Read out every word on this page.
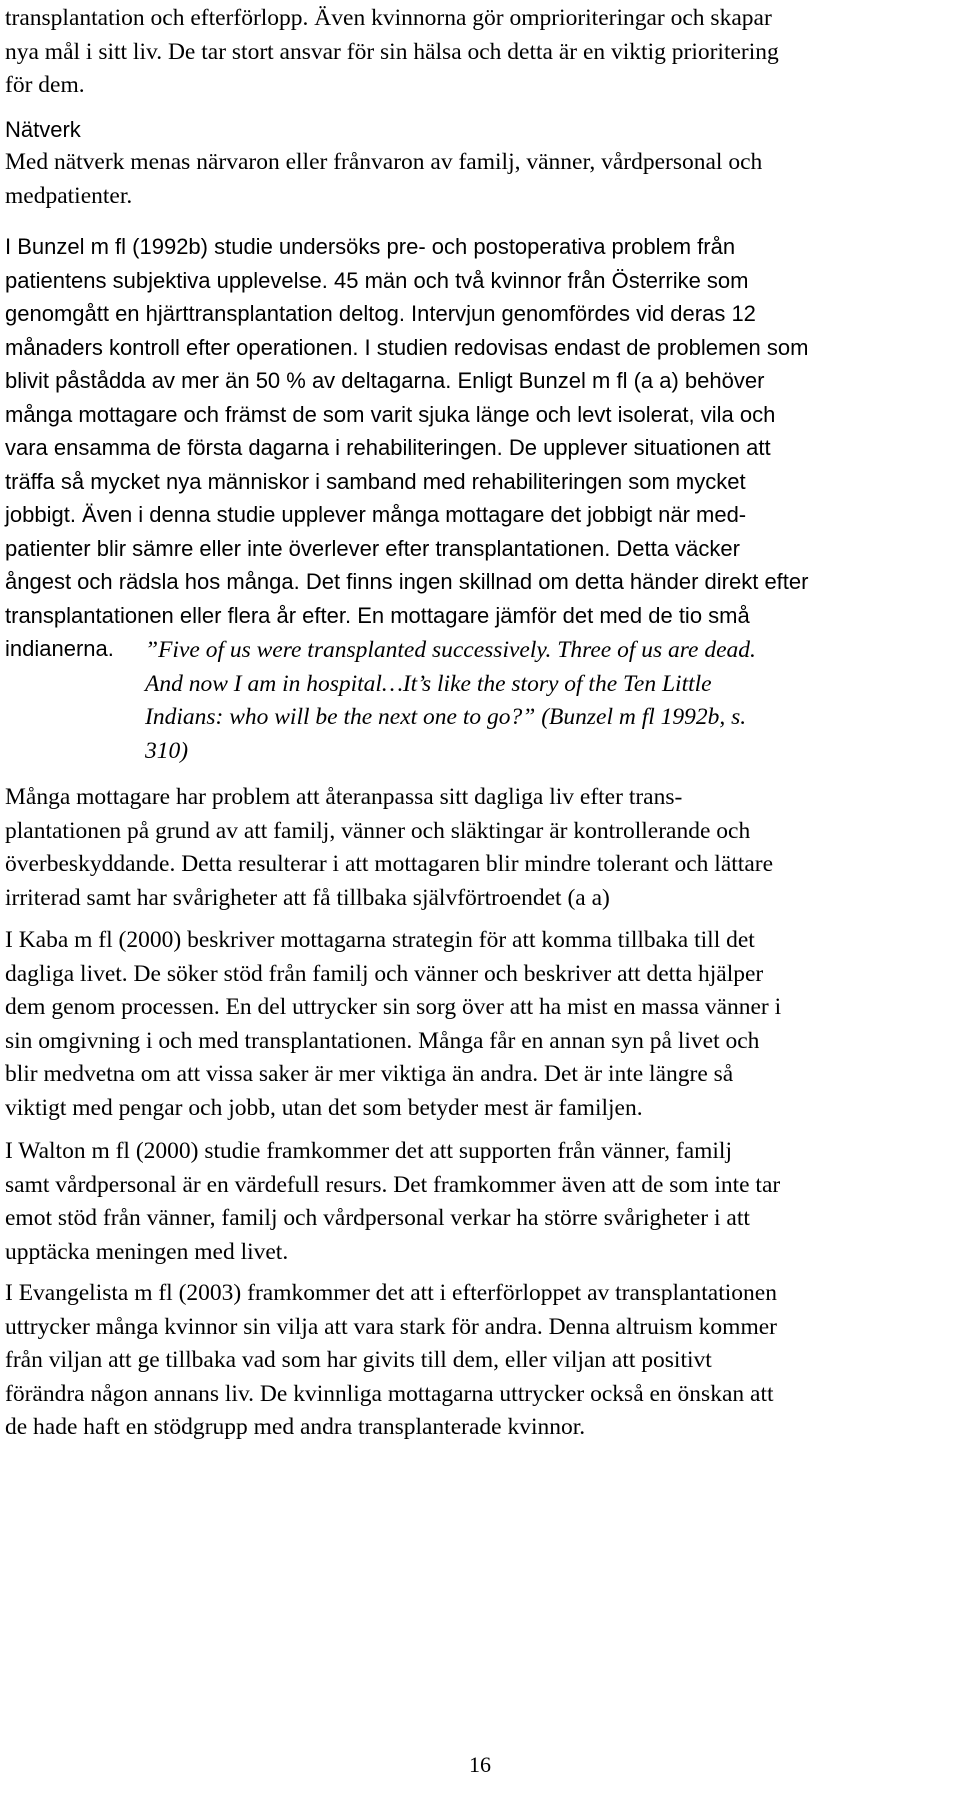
transplantation och efterförlopp. Även kvinnorna gör omprioriteringar och skapar
nya mål i sitt liv. De tar stort ansvar för sin hälsa och detta är en viktig prioritering
för dem.

Nätverk

Med nätverk menas närvaron eller frånvaron av familj, vänner, vårdpersonal och
medpatienter.

I Bunzel m fl (1992b) studie undersöks pre- och postoperativa problem från
patientens subjektiva upplevelse. 45 män och två kvinnor från Österrike som
genomgått en hjärttransplantation deltog. Intervjun genomfördes vid deras 12
månaders kontroll efter operationen. I studien redovisas endast de problemen som
blivit påstådda av mer än 50 % av deltagarna. Enligt Bunzel m fl (a a) behöver
många mottagare och främst de som varit sjuka länge och levt isolerat, vila och
vara ensamma de första dagarna i rehabiliteringen. De upplever situationen att
träffa så mycket nya människor i samband med rehabiliteringen som mycket
jobbigt. Även i denna studie upplever många mottagare det jobbigt när med-
patienter blir sämre eller inte överlever efter transplantationen. Detta väcker
ångest och rädsla hos många. Det finns ingen skillnad om detta händer direkt efter
transplantationen eller flera år efter. En mottagare jämför det med de tio små
indianerna.	”Five of us were transplanted successively. Three of us are dead.
And now I am in hospital…It’s like the story of the Ten Little
Indians: who will be the next one to go?” (Bunzel m fl 1992b, s.
310)

Många mottagare har problem att återanpassa sitt dagliga liv efter trans-
plantationen på grund av att familj, vänner och släktingar är kontrollerande och
överbeskyddande. Detta resulterar i att mottagaren blir mindre tolerant och lättare
irriterad samt har svårigheter att få tillbaka självförtroendet (a a)

I Kaba m fl (2000) beskriver mottagarna strategin för att komma tillbaka till det
dagliga livet. De söker stöd från familj och vänner och beskriver att detta hjälper
dem genom processen. En del uttrycker sin sorg över att ha mist en massa vänner i
sin omgivning i och med transplantationen. Många får en annan syn på livet och
blir medvetna om att vissa saker är mer viktiga än andra. Det är inte längre så
viktigt med pengar och jobb, utan det som betyder mest är familjen.

I Walton m fl (2000) studie framkommer det att supporten från vänner, familj
samt vårdpersonal är en värdefull resurs. Det framkommer även att de som inte tar
emot stöd från vänner, familj och vårdpersonal verkar ha större svårigheter i att
upptäcka meningen med livet.

I Evangelista m fl (2003) framkommer det att i efterförloppet av transplantationen
uttrycker många kvinnor sin vilja att vara stark för andra. Denna altruism kommer
från viljan att ge tillbaka vad som har givits till dem, eller viljan att positivt
förändra någon annans liv. De kvinnliga mottagarna uttrycker också en önskan att
de hade haft en stödgrupp med andra transplanterade kvinnor.

16
